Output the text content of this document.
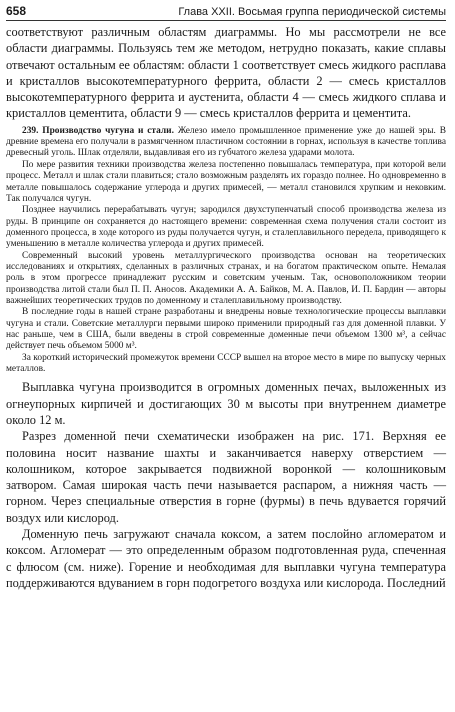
658	Глава XXII. Восьмая группа периодической системы

соответствуют различным областям диаграммы. Но мы рассмотрели не все области диаграммы. Пользуясь тем же методом, нетрудно показать, какие сплавы отвечают остальным ее областям: области 1 соответствует смесь жидкого расплава и кристаллов высокотемпературного феррита, области 2 — смесь кристаллов высокотемпературного феррита и аустенита, области 4 — смесь жидкого сплава и кристаллов цементита, области 9 — смесь кристаллов феррита и цементита.

239. Производство чугуна и стали. Железо имело промышленное применение уже до нашей эры. В древние времена его получали в размягченном пластичном состоянии в горнах, используя в качестве топлива древесный уголь. Шлак отделяли, выдавливая его из губчатого железа ударами молота.

По мере развития техники производства железа постепенно повышалась температура, при которой вели процесс. Металл и шлак стали плавиться; стало возможным разделять их гораздо полнее. Но одновременно в металле повышалось содержание углерода и других примесей, — металл становился хрупким и нековким. Так получался чугун.

Позднее научились перерабатывать чугун; зародился двухступенчатый способ производства железа из руды. В принципе он сохраняется до настоящего времени: современная схема получения стали состоит из доменного процесса, в ходе которого из руды получается чугун, и сталеплавильного передела, приводящего к уменьшению в металле количества углерода и других примесей.

Современный высокий уровень металлургического производства основан на теоретических исследованиях и открытиях, сделанных в различных странах, и на богатом практическом опыте. Немалая роль в этом прогрессе принадлежит русским и советским ученым. Так, основоположником теории производства литой стали был П. П. Аносов. Академики А. А. Байков, М. А. Павлов, И. П. Бардин — авторы важнейших теоретических трудов по доменному и сталеплавильному производству.

В последние годы в нашей стране разработаны и внедрены новые технологические процессы выплавки чугуна и стали. Советские металлурги первыми широко применили природный газ для доменной плавки. У нас раньше, чем в США, были введены в строй современные доменные печи объемом 1300 м³, а сейчас действует печь объемом 5000 м³.

За короткий исторический промежуток времени СССР вышел на второе место в мире по выпуску черных металлов.

Выплавка чугуна производится в огромных доменных печах, выложенных из огнеупорных кирпичей и достигающих 30 м высоты при внутреннем диаметре около 12 м.

Разрез доменной печи схематически изображен на рис. 171. Верхняя ее половина носит название шахты и заканчивается наверху отверстием — колошником, которое закрывается подвижной воронкой — колошниковым затвором. Самая широкая часть печи называется распаром, а нижняя часть — горном. Через специальные отверстия в горне (фурмы) в печь вдувается горячий воздух или кислород.

Доменную печь загружают сначала коксом, а затем послойно агломератом и коксом. Агломерат — это определенным образом подготовленная руда, спеченная с флюсом (см. ниже). Горение и необходимая для выплавки чугуна температура поддерживаются вдуванием в горн подогретого воздуха или кислорода. Последний
